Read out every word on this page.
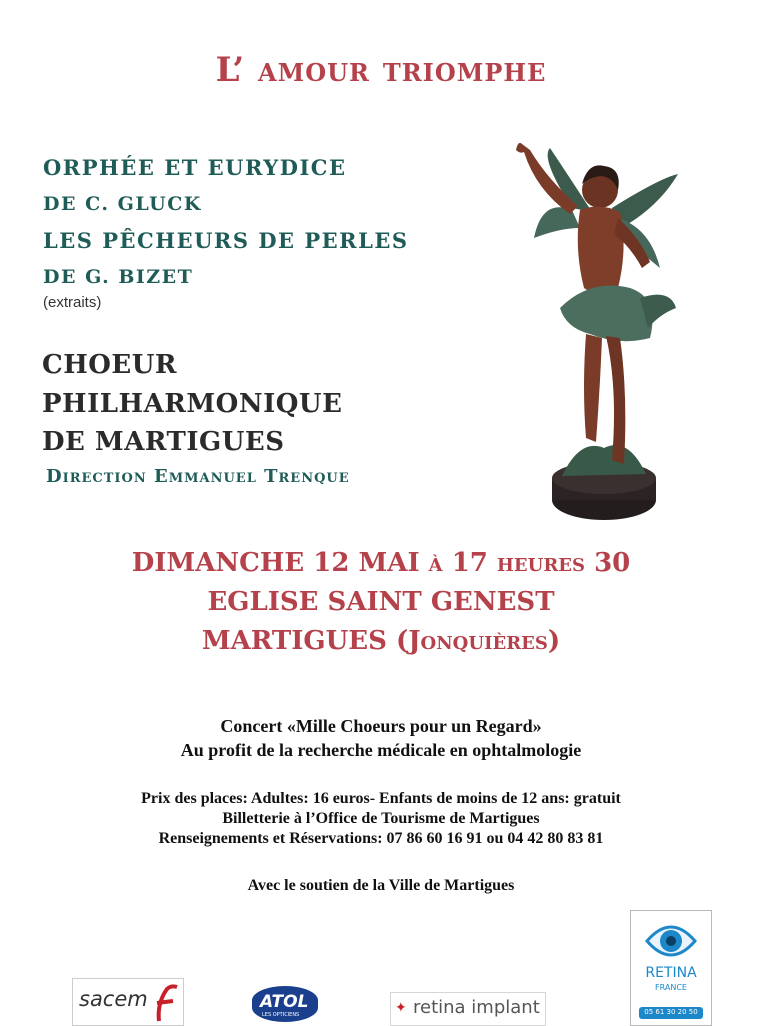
L’ amour triomphe
ORPHÉE ET EURYDICE
DE C. GLUCK
LES PÊCHEURS DE PERLES
DE G. BIZET
(extraits)
CHOEUR
PHILHARMONIQUE
DE MARTIGUES
Direction Emmanuel Trenque
DIMANCHE 12 MAI à 17 heures 30
EGLISE SAINT GENEST
MARTIGUES (Jonquières)
Concert «Mille Choeurs pour un Regard»
Au profit de la recherche médicale en ophtalmologie
Prix des places: Adultes: 16 euros- Enfants de moins de 12 ans: gratuit
Billetterie à l’Office de Tourisme de Martigues
Renseignements et Réservations: 07 86 60 16 91 ou 04 42 80 83 81
Avec le soutien de la Ville de Martigues
sacem	ATOL
LES OPTICIENS	✦ retina implant
RETINA
FRANCE
05 61 30 20 50
